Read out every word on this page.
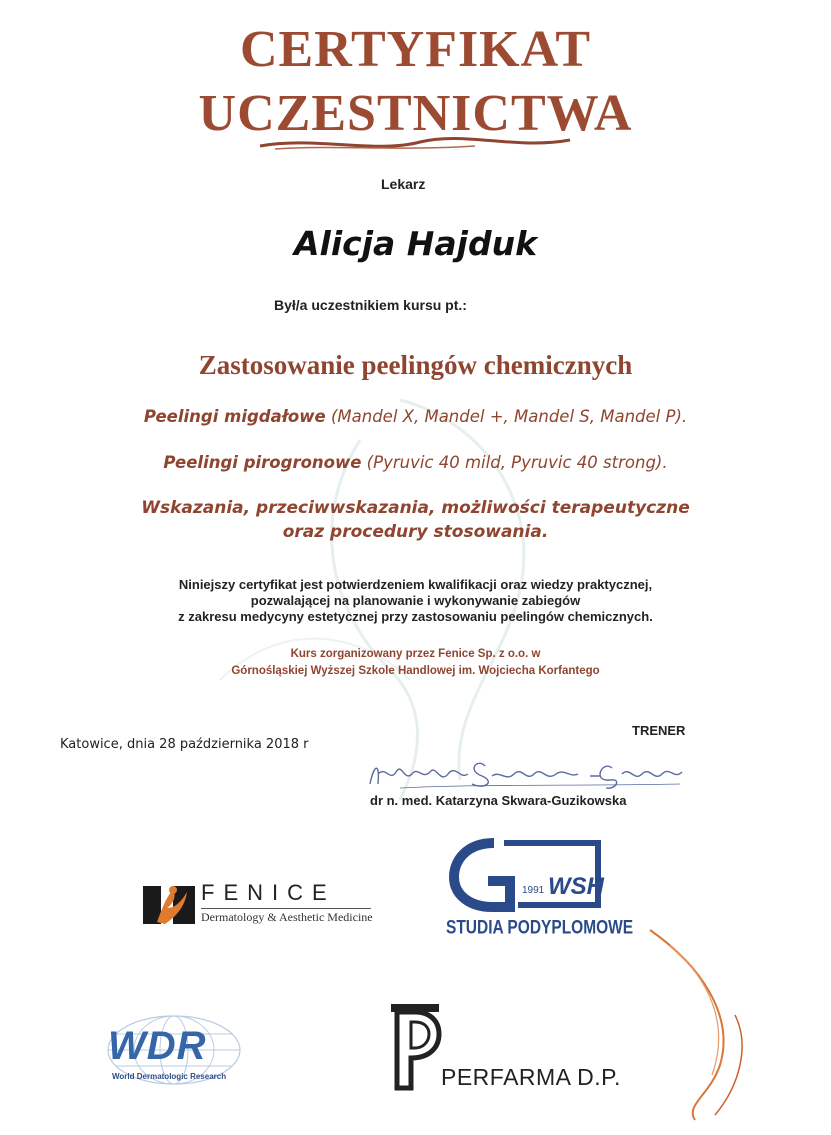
CERTYFIKAT
UCZESTNICTWA
Lekarz
Alicja Hajduk
Był/a uczestnikiem kursu pt.:
Zastosowanie peelingów chemicznych
Peelingi migdałowe (Mandel X, Mandel +, Mandel S, Mandel P).
Peelingi pirogronowe (Pyruvic 40 mild, Pyruvic 40 strong).
Wskazania, przeciwwskazania, możliwości terapeutyczne
oraz procedury stosowania.
Niniejszy certyfikat jest potwierdzeniem kwalifikacji oraz wiedzy praktycznej,
pozwalającej na planowanie i wykonywanie zabiegów
z zakresu medycyny estetycznej przy zastosowaniu peelingów chemicznych.
Kurs zorganizowany przez Fenice Sp. z o.o. w
Górnośląskiej Wyższej Szkole Handlowej im. Wojciecha Korfantego
TRENER
Katowice, dnia 28 października 2018 r
dr n. med. Katarzyna Skwara-Guzikowska
FENICE
Dermatology & Aesthetic Medicine
1991 WSH
STUDIA PODYPLOMOWE
WDR
World Dermatologic Research	PERFARMA D.P.
